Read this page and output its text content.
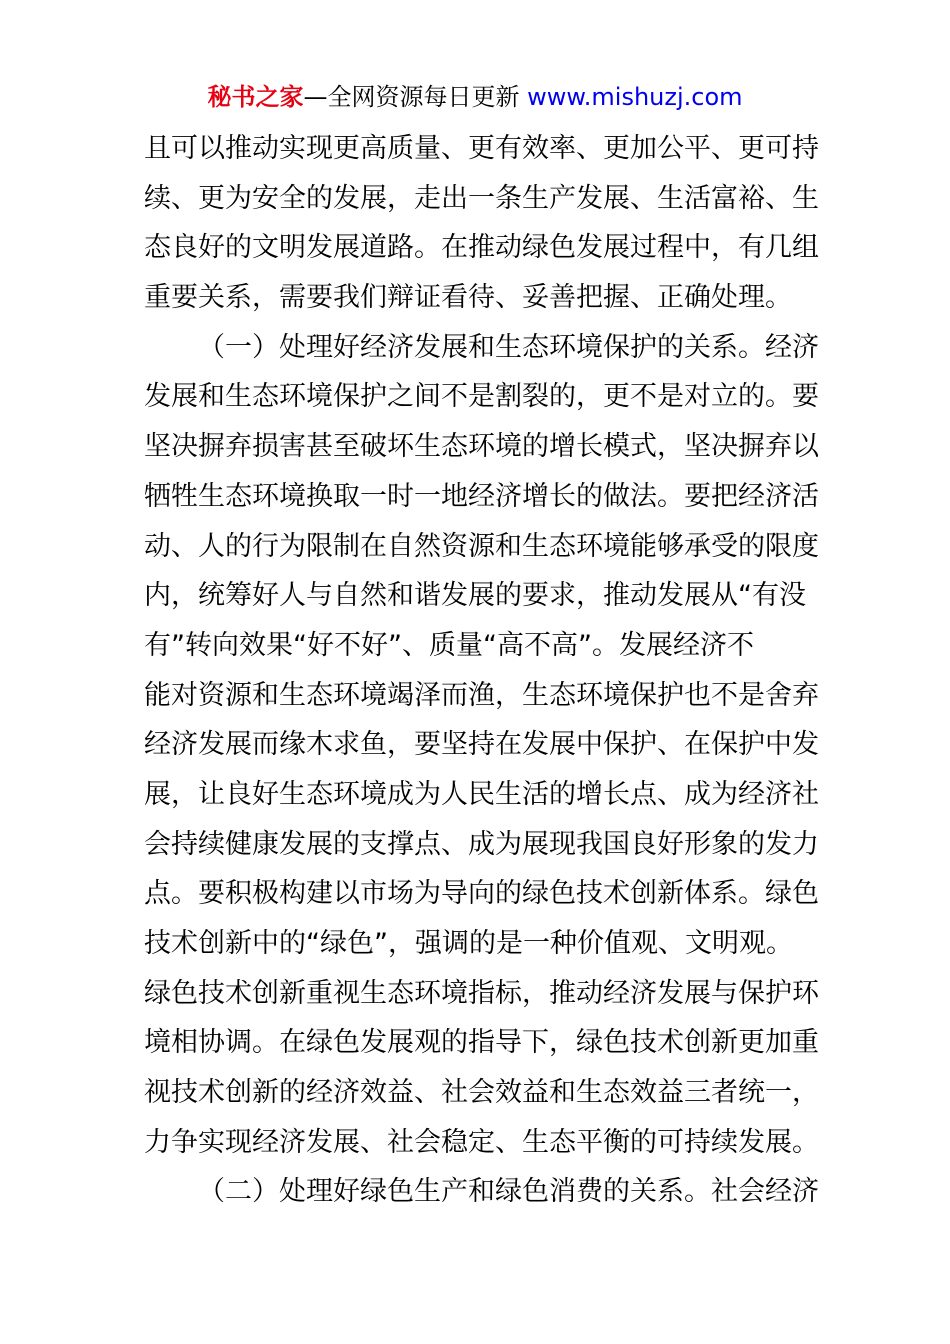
秘书之家—全网资源每日更新 www.mishuzj.com
且可以推动实现更高质量、更有效率、更加公平、更可持
续、更为安全的发展，走出一条生产发展、生活富裕、生
态良好的文明发展道路。在推动绿色发展过程中，有几组
重要关系，需要我们辩证看待、妥善把握、正确处理。
（一）处理好经济发展和生态环境保护的关系。经济
发展和生态环境保护之间不是割裂的，更不是对立的。要
坚决摒弃损害甚至破坏生态环境的增长模式，坚决摒弃以
牺牲生态环境换取一时一地经济增长的做法。要把经济活
动、人的行为限制在自然资源和生态环境能够承受的限度
内，统筹好人与自然和谐发展的要求，推动发展从“有没
有”转向效果“好不好”、质量“高不高”。发展经济不
能对资源和生态环境竭泽而渔，生态环境保护也不是舍弃
经济发展而缘木求鱼，要坚持在发展中保护、在保护中发
展，让良好生态环境成为人民生活的增长点、成为经济社
会持续健康发展的支撑点、成为展现我国良好形象的发力
点。要积极构建以市场为导向的绿色技术创新体系。绿色
技术创新中的“绿色”，强调的是一种价值观、文明观。
绿色技术创新重视生态环境指标，推动经济发展与保护环
境相协调。在绿色发展观的指导下，绿色技术创新更加重
视技术创新的经济效益、社会效益和生态效益三者统一，
力争实现经济发展、社会稳定、生态平衡的可持续发展。
（二）处理好绿色生产和绿色消费的关系。社会经济
